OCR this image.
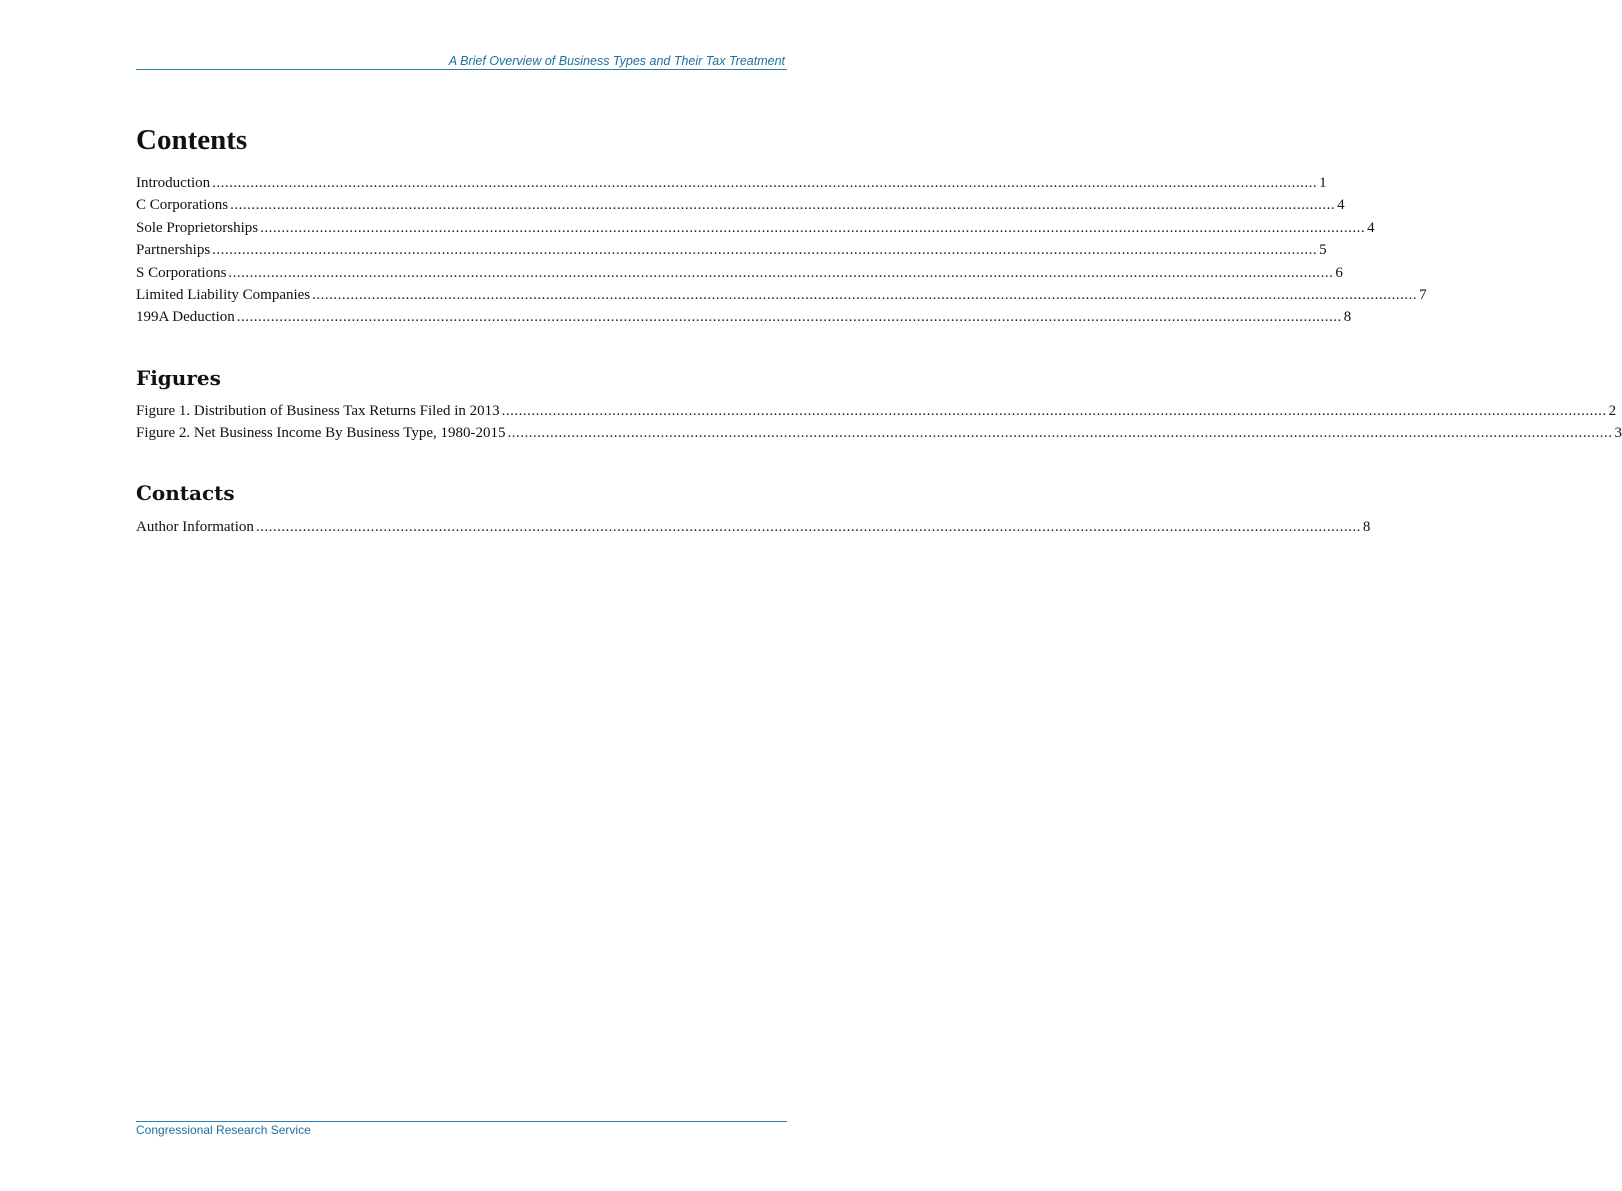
A Brief Overview of Business Types and Their Tax Treatment
Contents
Introduction .................................................................................................................................................................................................................................................................... 1
C Corporations .................................................................................................................................................................................................................................................................... 4
Sole Proprietorships .................................................................................................................................................................................................................................................................... 4
Partnerships .................................................................................................................................................................................................................................................................... 5
S Corporations .................................................................................................................................................................................................................................................................... 6
Limited Liability Companies .................................................................................................................................................................................................................................................................... 7
199A Deduction .................................................................................................................................................................................................................................................................... 8
Figures
Figure 1. Distribution of Business Tax Returns Filed in 2013 .................................................................................................................................................................................................................................................................... 2
Figure 2. Net Business Income By Business Type, 1980-2015 .................................................................................................................................................................................................................................................................... 3
Contacts
Author Information .................................................................................................................................................................................................................................................................... 8
Congressional Research Service
